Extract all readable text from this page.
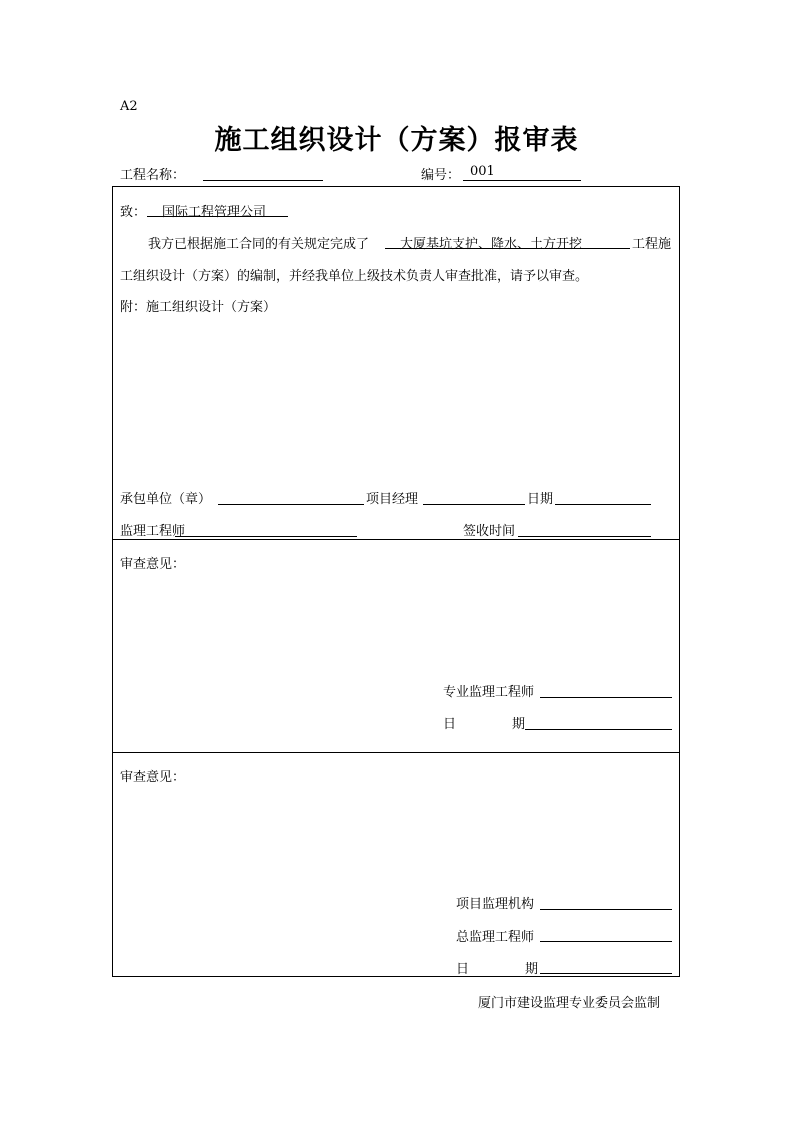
A2
施工组织设计（方案）报审表
工程名称：	编号： 001
致： 国际工程管理公司
我方已根据施工合同的有关规定完成了 大厦基坑支护、降水、土方开挖	工程施
工组织设计（方案）的编制，并经我单位上级技术负责人审查批准，请予以审查。
附：施工组织设计（方案）
承包单位（章）	项目经理	日期
监理工程师	签收时间
审查意见：
专业监理工程师
日	期
审查意见：
项目监理机构
总监理工程师
日	期
厦门市建设监理专业委员会监制
